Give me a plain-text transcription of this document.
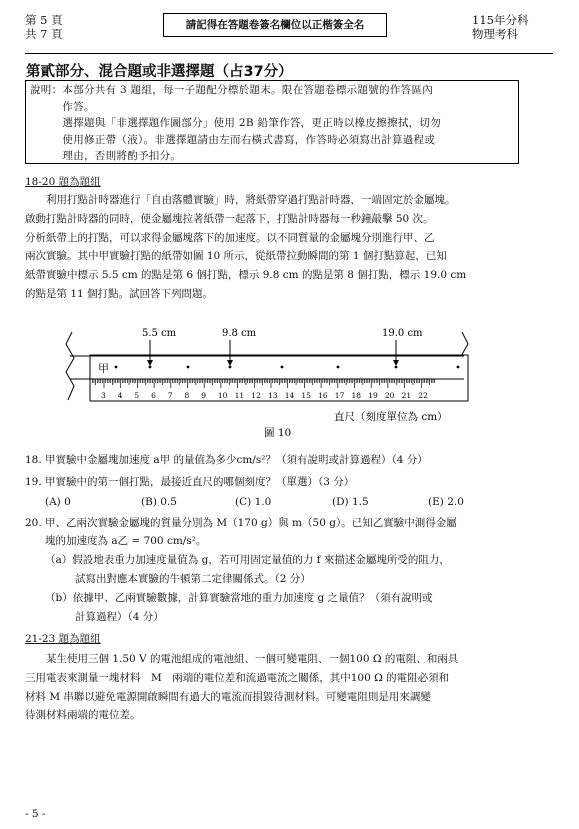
第 5 頁
共 7 頁
請記得在答題卷簽名欄位以正楷簽全名	115年分科
物理考科
第貳部分、混合題或非選擇題（占37分）
說明：本部分共有 3 題組，每一子題配分標於題末。限在答題卷標示題號的作答區內
　　　作答。
　　　選擇題與「非選擇題作圖部分」使用 2B 鉛筆作答，更正時以橡皮擦擦拭，切勿
　　　使用修正帶（液）。非選擇題請由左而右橫式書寫，作答時必須寫出計算過程或
　　　理由，否則將酌予扣分。
18-20 題為題組
　　利用打點計時器進行「自由落體實驗」時，將紙帶穿過打點計時器，一端固定於金屬塊。
啟動打點計時器的同時，使金屬塊拉著紙帶一起落下，打點計時器每一秒鐘敲擊 50 次。
分析紙帶上的打點，可以求得金屬塊落下的加速度。以不同質量的金屬塊分別進行甲、乙
兩次實驗。其中甲實驗打點的紙帶如圖 10 所示，從紙帶拉動瞬間的第 1 個打點算起，已知
紙帶實驗中標示 5.5 cm 的點是第 6 個打點，標示 9.8 cm 的點是第 8 個打點，標示 19.0 cm
的點是第 11 個打點。試回答下列問題。
甲
3 4 5 6 7 8 9 10 11 12 13 14 15 16 17 18 19 20 21 22
5.5 cm	9.8 cm	19.0 cm
直尺（刻度單位為 cm）
圖 10
18. 甲實驗中金屬塊加速度 a甲 的量值為多少cm/s²？（須有說明或計算過程）（4 分）
19. 甲實驗中的第一個打點，最接近直尺的哪個刻度？（單選）（3 分）
(A) 0	(B) 0.5	(C) 1.0	(D) 1.5	(E) 2.0
20. 甲、乙兩次實驗金屬塊的質量分別為 M（170 g）與 m（50 g）。已知乙實驗中測得金屬
塊的加速度為 a乙 = 700 cm/s²。
（a）假設地表重力加速度量值為 g，若可用固定量值的力 f 來描述金屬塊所受的阻力，
試寫出對應本實驗的牛頓第二定律關係式。（2 分）
（b）依據甲、乙兩實驗數據，計算實驗當地的重力加速度 g 之量值？（須有說明或
計算過程）（4 分）
21-23 題為題組
　　某生使用三個 1.50 V 的電池組成的電池組、一個可變電阻、一個100 Ω 的電阻、和兩具
三用電表來測量一塊材料　M　兩端的電位差和流過電流之關係，其中100 Ω 的電阻必須和
材料 M 串聯以避免電源開啟瞬間有過大的電流而損毀待測材料。可變電阻則是用來調變
待測材料兩端的電位差。
- 5 -
